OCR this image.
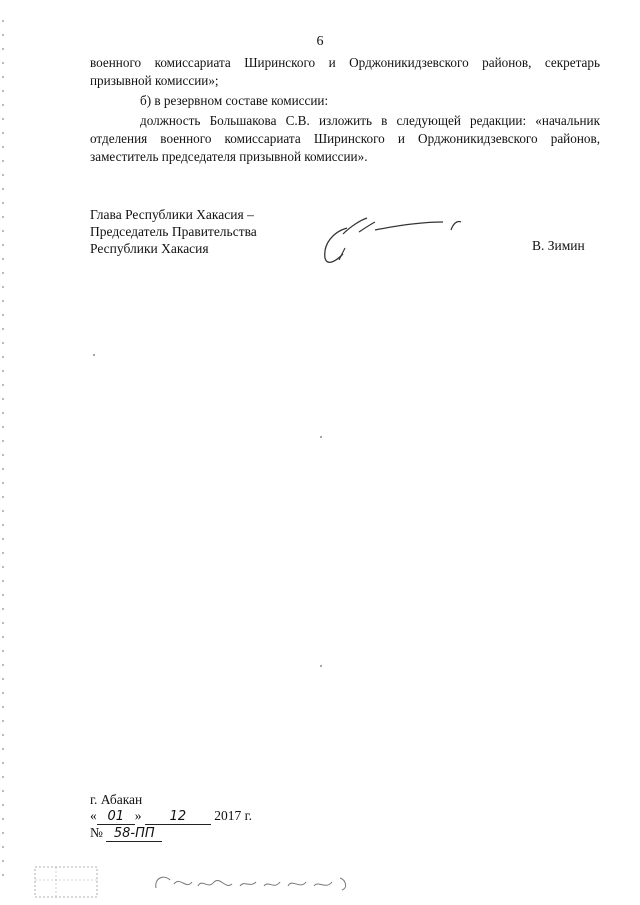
6

военного комиссариата Ширинского и Орджоникидзевского районов, секретарь призывной комиссии»;

б) в резервном составе комиссии:

должность Большакова С.В. изложить в следующей редакции: «начальник отделения военного комиссариата Ширинского и Орджоникидзевского районов, заместитель председателя призывной комиссии».

Глава Республики Хакасия –
Председатель Правительства
Республики Хакасия	В. Зимин
г. Абакан
« 01 » 12 2017 г.
№ 58-ПП
